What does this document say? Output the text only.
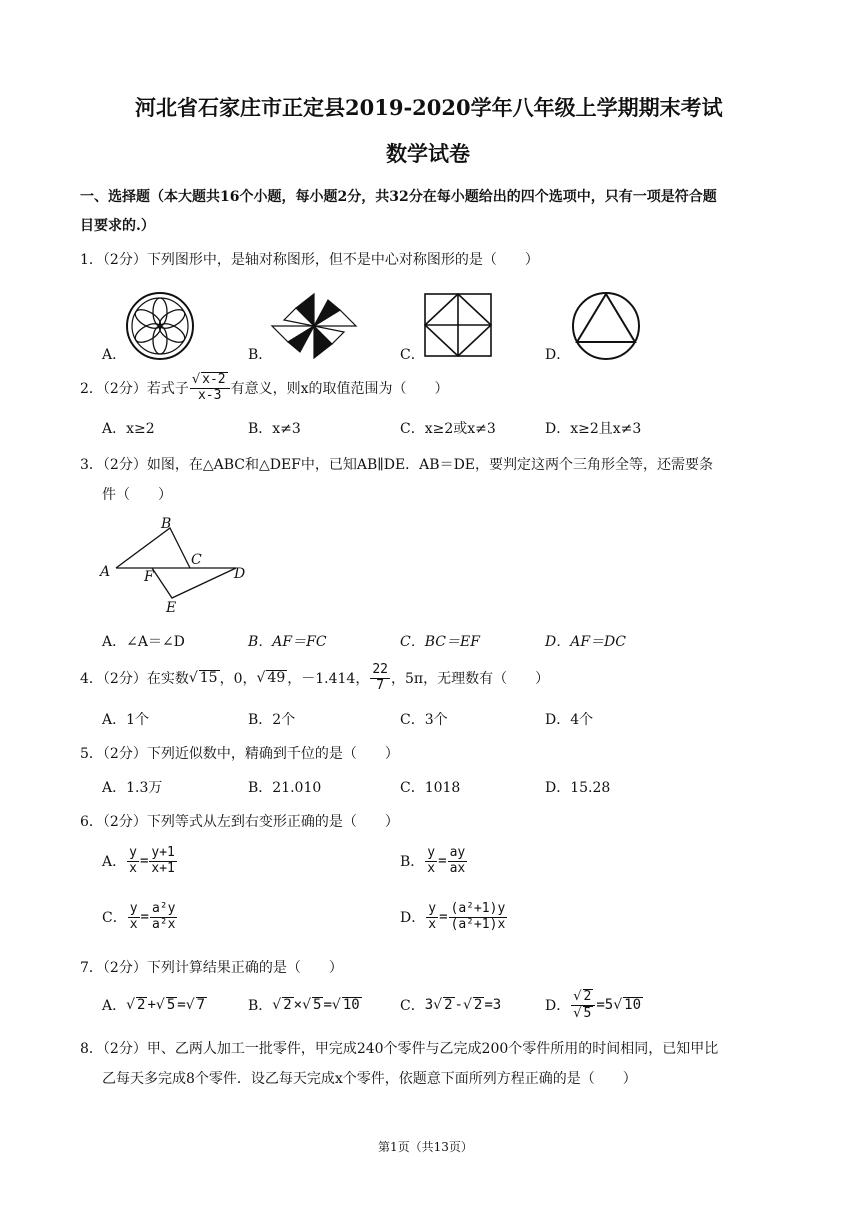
河北省石家庄市正定县2019-2020学年八年级上学期期末考试
数学试卷
一、选择题（本大题共16个小题，每小题2分，共32分在每小题给出的四个选项中，只有一项是符合题
目要求的.）
1．（2分）下列图形中，是轴对称图形，但不是中心对称图形的是（　　）
A．	B．	C．	D．
2．（2分）若式子 $\frac{√ x-2}{x-3}$ 有意义，则x的取值范围为（　　）
A．x≥2	B．x≠3	C．x≥2或x≠3	D．x≥2且x≠3
3．（2分）如图，在△ABC和△DEF中，已知AB∥DE．AB＝DE，要判定这两个三角形全等，还需要条
件（　　）
A
B
C
D
E
F
A．∠A＝∠D	B．AF＝FC	C．BC＝EF	D．AF＝DC
4．（2分）在实数 √ 15 ，0， √ 49 ，－1.414， $\frac{22}{7}$ ，5π，无理数有（　　）
A．1个	B．2个	C．3个	D．4个
5．（2分）下列近似数中，精确到千位的是（　　）
A．1.3万	B．21.010	C．1018	D．15.28
6．（2分）下列等式从左到右变形正确的是（　　）
A． $\frac{y}{x} = \frac{y+1}{x+1}$	B． $\frac{y}{x} = \frac{ay}{ax}$
C． $\frac{y}{x} = \frac{\text{a²y}}{\text{a²x}}$	D． $\frac{y}{x} = \frac{\text{(a²+1)y}}{\text{(a²+1)x}}$
7．（2分）下列计算结果正确的是（　　）
A． √ 2 + √ 5 = √ 7	B． √ 2 × √ 5 = √ 10	C． 3 √ 2 - √ 2 =3	D． $\frac{√ 2}{√ 5} =5$ √ 10
8．（2分）甲、乙两人加工一批零件，甲完成240个零件与乙完成200个零件所用的时间相同，已知甲比
乙每天多完成8个零件．设乙每天完成x个零件，依题意下面所列方程正确的是（　　）
第1页（共13页）
